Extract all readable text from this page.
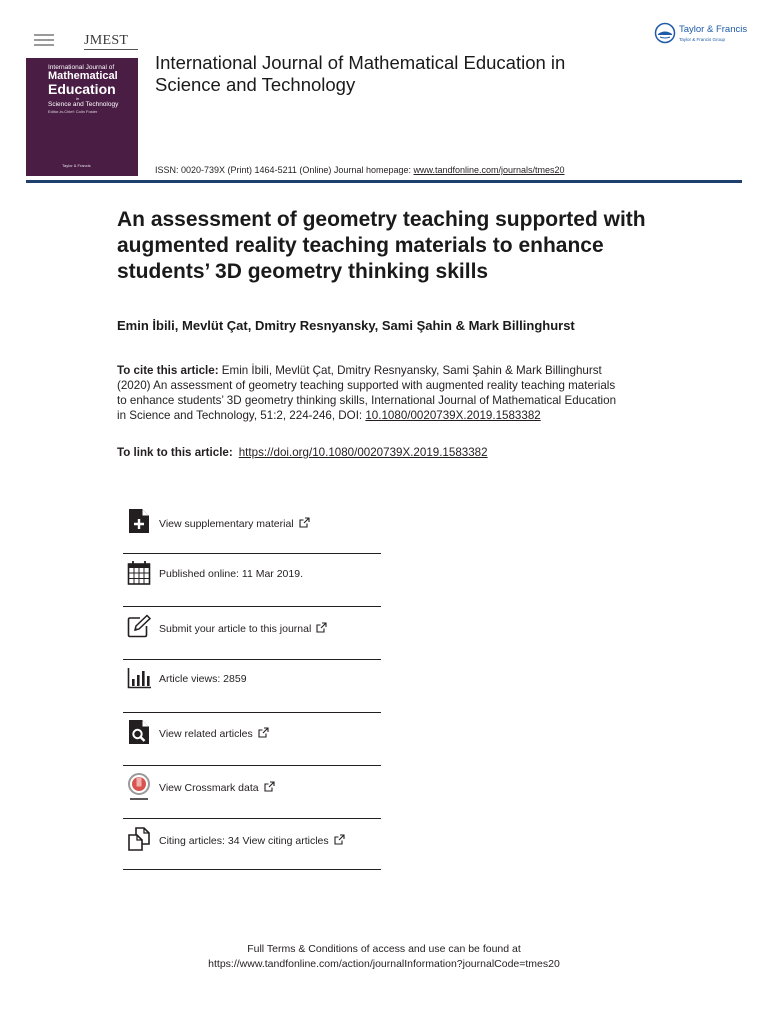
JMEST
International Journal of
Mathematical
Education
in
Science and Technology
Editor-in-Chief: Colin Foster
Taylor & Francis
International Journal of Mathematical Education in Science and Technology
ISSN: 0020-739X (Print) 1464-5211 (Online) Journal homepage: www.tandfonline.com/journals/tmes20
Taylor & Francis
Taylor & Francis Group
An assessment of geometry teaching supported with augmented reality teaching materials to enhance students’ 3D geometry thinking skills
Emin İbili, Mevlüt Çat, Dmitry Resnyansky, Sami Şahin & Mark Billinghurst
To cite this article: Emin İbili, Mevlüt Çat, Dmitry Resnyansky, Sami Şahin & Mark Billinghurst (2020) An assessment of geometry teaching supported with augmented reality teaching materials to enhance students’ 3D geometry thinking skills, International Journal of Mathematical Education in Science and Technology, 51:2, 224-246, DOI: 10.1080/0020739X.2019.1583382
To link to this article: https://doi.org/10.1080/0020739X.2019.1583382
View supplementary material
Published online: 11 Mar 2019.
Submit your article to this journal
Article views: 2859
View related articles
View Crossmark data
Citing articles: 34 View citing articles
Full Terms & Conditions of access and use can be found at
https://www.tandfonline.com/action/journalInformation?journalCode=tmes20
